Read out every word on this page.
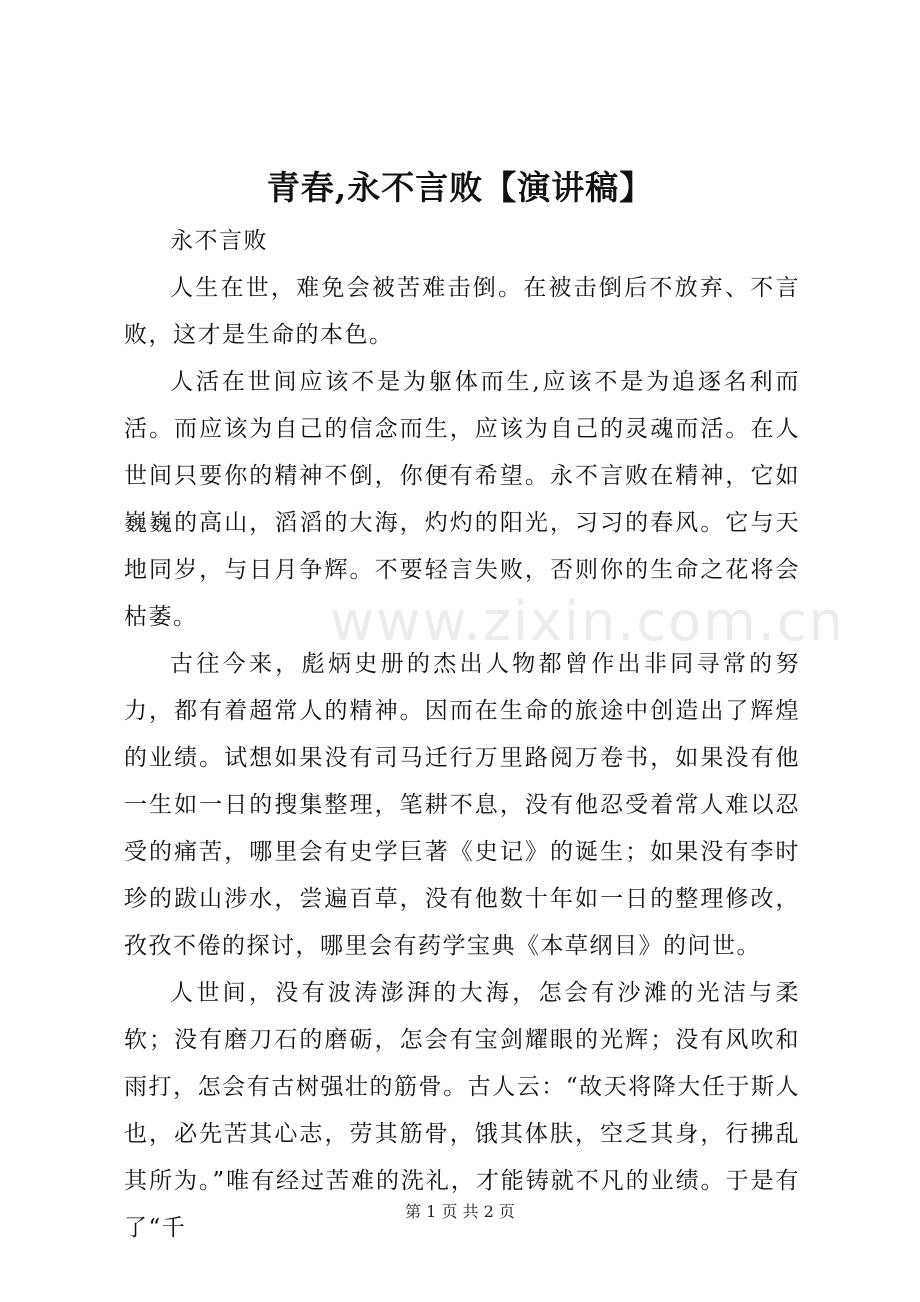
青春,永不言败【演讲稿】

永不言败

人生在世，难免会被苦难击倒。在被击倒后不放弃、不言败，这才是生命的本色。

人活在世间应该不是为躯体而生,应该不是为追逐名利而活。而应该为自己的信念而生，应该为自己的灵魂而活。在人世间只要你的精神不倒，你便有希望。永不言败在精神，它如巍巍的高山，滔滔的大海，灼灼的阳光，习习的春风。它与天地同岁，与日月争辉。不要轻言失败，否则你的生命之花将会枯萎。

古往今来，彪炳史册的杰出人物都曾作出非同寻常的努力，都有着超常人的精神。因而在生命的旅途中创造出了辉煌的业绩。试想如果没有司马迁行万里路阅万卷书，如果没有他一生如一日的搜集整理，笔耕不息，没有他忍受着常人难以忍受的痛苦，哪里会有史学巨著《史记》的诞生；如果没有李时珍的跋山涉水，尝遍百草，没有他数十年如一日的整理修改，孜孜不倦的探讨，哪里会有药学宝典《本草纲目》的问世。

人世间，没有波涛澎湃的大海，怎会有沙滩的光洁与柔软；没有磨刀石的磨砺，怎会有宝剑耀眼的光辉；没有风吹和雨打，怎会有古树强壮的筋骨。古人云：“故天将降大任于斯人也，必先苦其心志，劳其筋骨，饿其体肤，空乏其身，行拂乱其所为。”唯有经过苦难的洗礼，才能铸就不凡的业绩。于是有了“千

www.zixin.com.cn
第 1 页 共 2 页
